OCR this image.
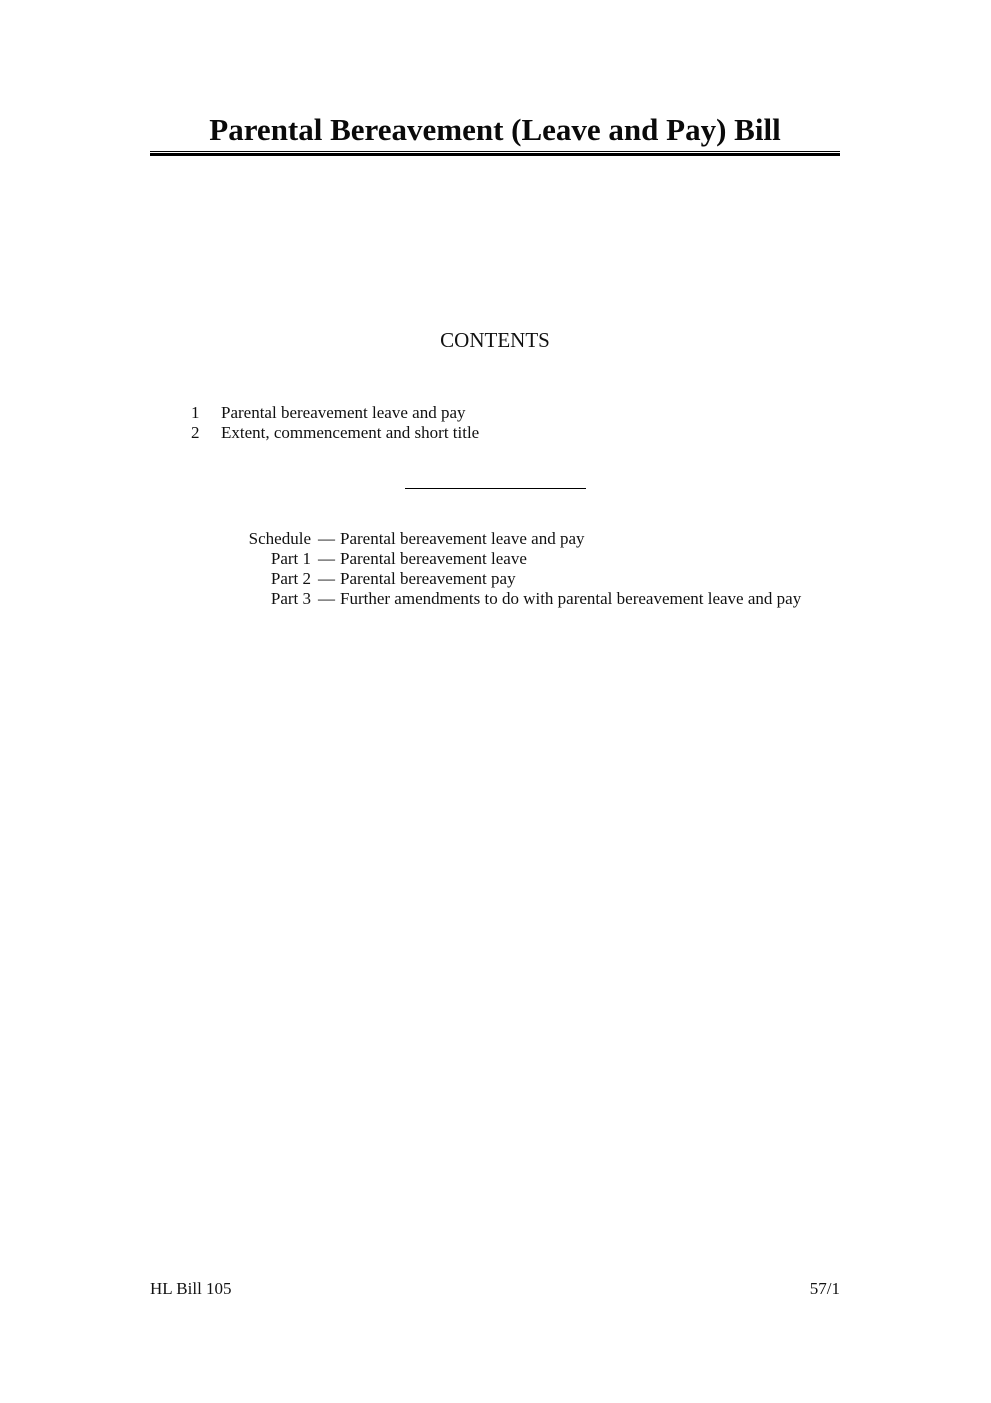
Parental Bereavement (Leave and Pay) Bill
CONTENTS
1 Parental bereavement leave and pay
2 Extent, commencement and short title
Schedule — Parental bereavement leave and pay
Part 1 — Parental bereavement leave
Part 2 — Parental bereavement pay
Part 3 — Further amendments to do with parental bereavement leave and pay
HL Bill 105	57/1
